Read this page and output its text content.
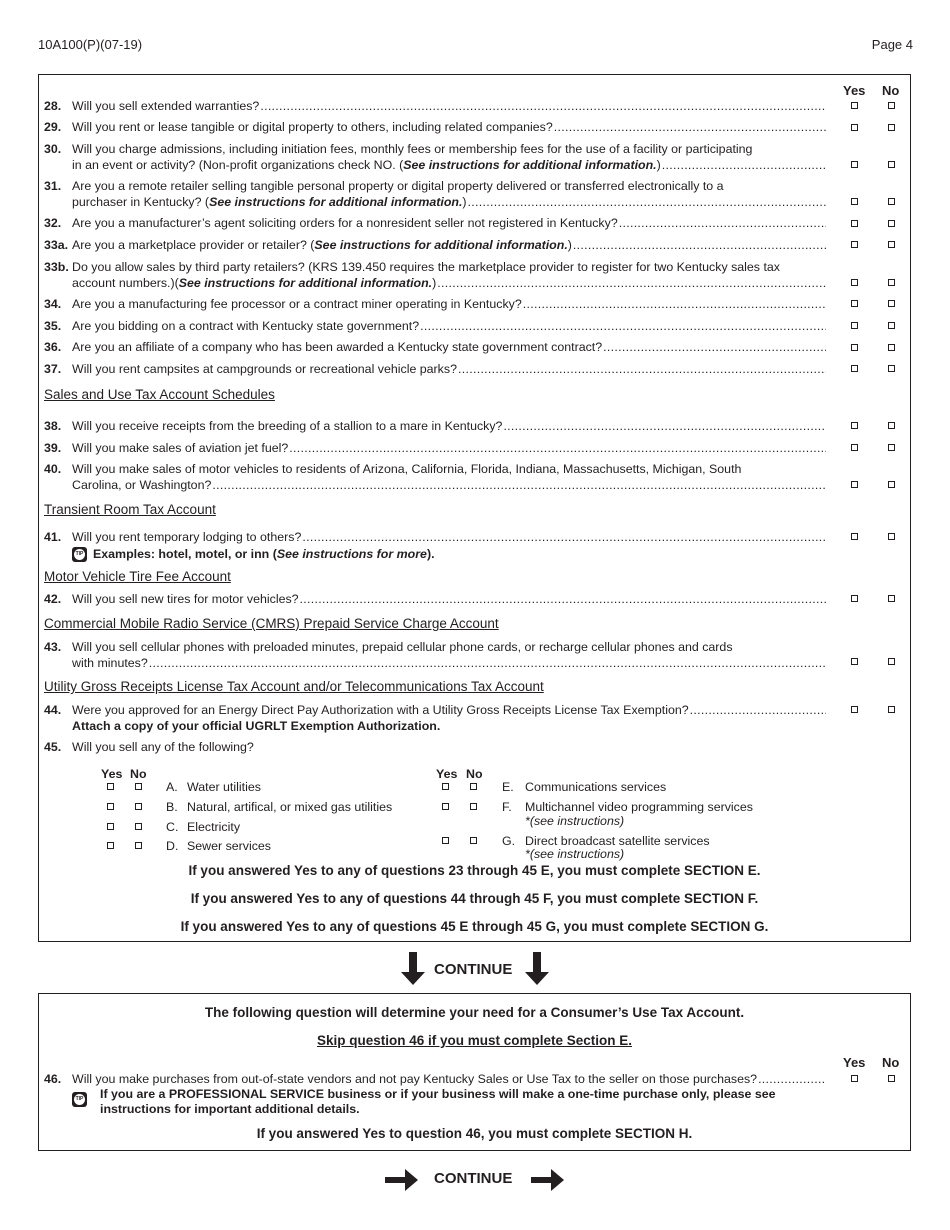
10A100(P)(07-19)	Page 4
Yes No
28. Will you sell extended warranties?
.....
29. Will you rent or lease tangible or digital property to others, including related companies?
.....
30. Will you charge admissions, including initiation fees, monthly fees or membership fees for the use of a facility or participating
in an event or activity? (Non-profit organizations check NO. (See instructions for additional information.)
.....
31. Are you a remote retailer selling tangible personal property or digital property delivered or transferred electronically to a
purchaser in Kentucky? (See instructions for additional information.)
.....
32. Are you a manufacturer’s agent soliciting orders for a nonresident seller not registered in Kentucky?
.....
33a. Are you a marketplace provider or retailer? (See instructions for additional information.)
.....
33b. Do you allow sales by third party retailers? (KRS 139.450 requires the marketplace provider to register for two Kentucky sales tax
account numbers.)(See instructions for additional information.)
.....
34. Are you a manufacturing fee processor or a contract miner operating in Kentucky?
.....
35. Are you bidding on a contract with Kentucky state government?
.....
36. Are you an affiliate of a company who has been awarded a Kentucky state government contract?
.....
37. Will you rent campsites at campgrounds or recreational vehicle parks?
.....
Sales and Use Tax Account Schedules
38. Will you receive receipts from the breeding of a stallion to a mare in Kentucky?
.....
39. Will you make sales of aviation jet fuel?
.....
40. Will you make sales of motor vehicles to residents of Arizona, California, Florida, Indiana, Massachusetts, Michigan, South
Carolina, or Washington?
.....
Transient Room Tax Account
41. Will you rent temporary lodging to others?
.....
TIP Examples: hotel, motel, or inn (See instructions for more).
Motor Vehicle Tire Fee Account
42. Will you sell new tires for motor vehicles?
.....
Commercial Mobile Radio Service (CMRS) Prepaid Service Charge Account
43. Will you sell cellular phones with preloaded minutes, prepaid cellular phone cards, or recharge cellular phones and cards
with minutes?
.....
Utility Gross Receipts License Tax Account and/or Telecommunications Tax Account
44. Were you approved for an Energy Direct Pay Authorization with a Utility Gross Receipts License Tax Exemption?
.....
Attach a copy of your official UGRLT Exemption Authorization.
45. Will you sell any of the following?
Yes No	Yes No
A. Water utilities
B. Natural, artifical, or mixed gas utilities
C. Electricity
D. Sewer services
E. Communications services
F. Multichannel video programming services
*(see instructions)
G. Direct broadcast satellite services
*(see instructions)
If you answered Yes to any of questions 23 through 45 E, you must complete SECTION E.
If you answered Yes to any of questions 44 through 45 F, you must complete SECTION F.
If you answered Yes to any of questions 45 E through 45 G, you must complete SECTION G.
CONTINUE
The following question will determine your need for a Consumer’s Use Tax Account.
Skip question 46 if you must complete Section E.
Yes No
46. Will you make purchases from out-of-state vendors and not pay Kentucky Sales or Use Tax to the seller on those purchases?
.....
TIP If you are a PROFESSIONAL SERVICE business or if your business will make a one-time purchase only, please see instructions for important additional details.
If you answered Yes to question 46, you must complete SECTION H.
CONTINUE
